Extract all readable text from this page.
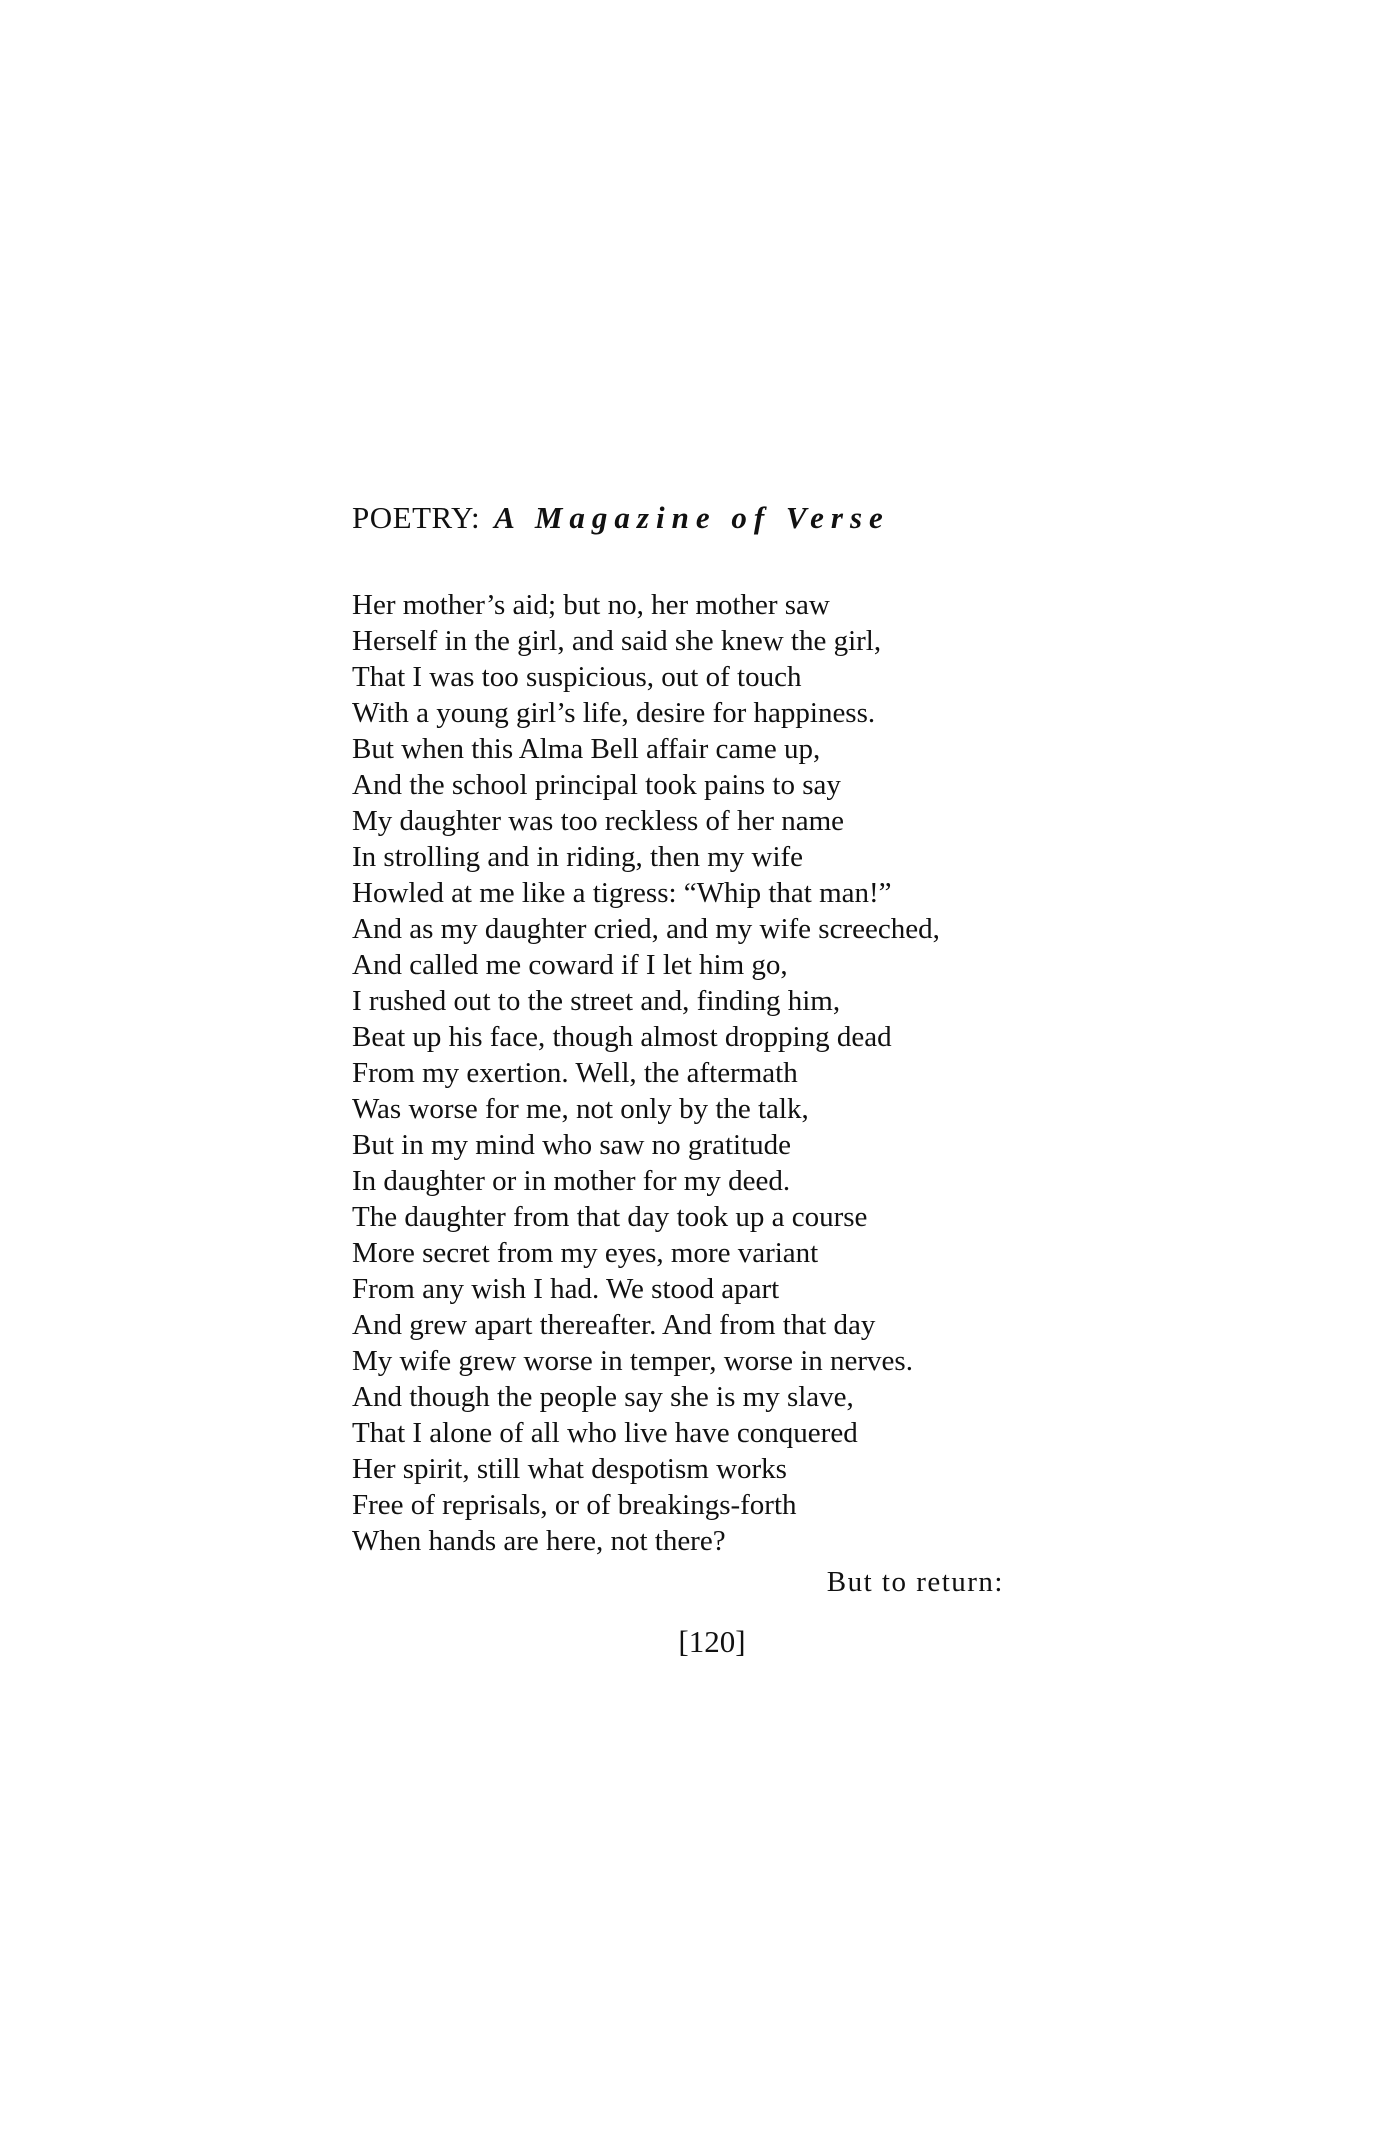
POETRY: A Magazine of Verse
Her mother’s aid; but no, her mother saw
Herself in the girl, and said she knew the girl,
That I was too suspicious, out of touch
With a young girl’s life, desire for happiness.
But when this Alma Bell affair came up,
And the school principal took pains to say
My daughter was too reckless of her name
In strolling and in riding, then my wife
Howled at me like a tigress: “Whip that man!”
And as my daughter cried, and my wife screeched,
And called me coward if I let him go,
I rushed out to the street and, finding him,
Beat up his face, though almost dropping dead
From my exertion. Well, the aftermath
Was worse for me, not only by the talk,
But in my mind who saw no gratitude
In daughter or in mother for my deed.
The daughter from that day took up a course
More secret from my eyes, more variant
From any wish I had. We stood apart
And grew apart thereafter. And from that day
My wife grew worse in temper, worse in nerves.
And though the people say she is my slave,
That I alone of all who live have conquered
Her spirit, still what despotism works
Free of reprisals, or of breakings-forth
When hands are here, not there?
But to return:
[120]
